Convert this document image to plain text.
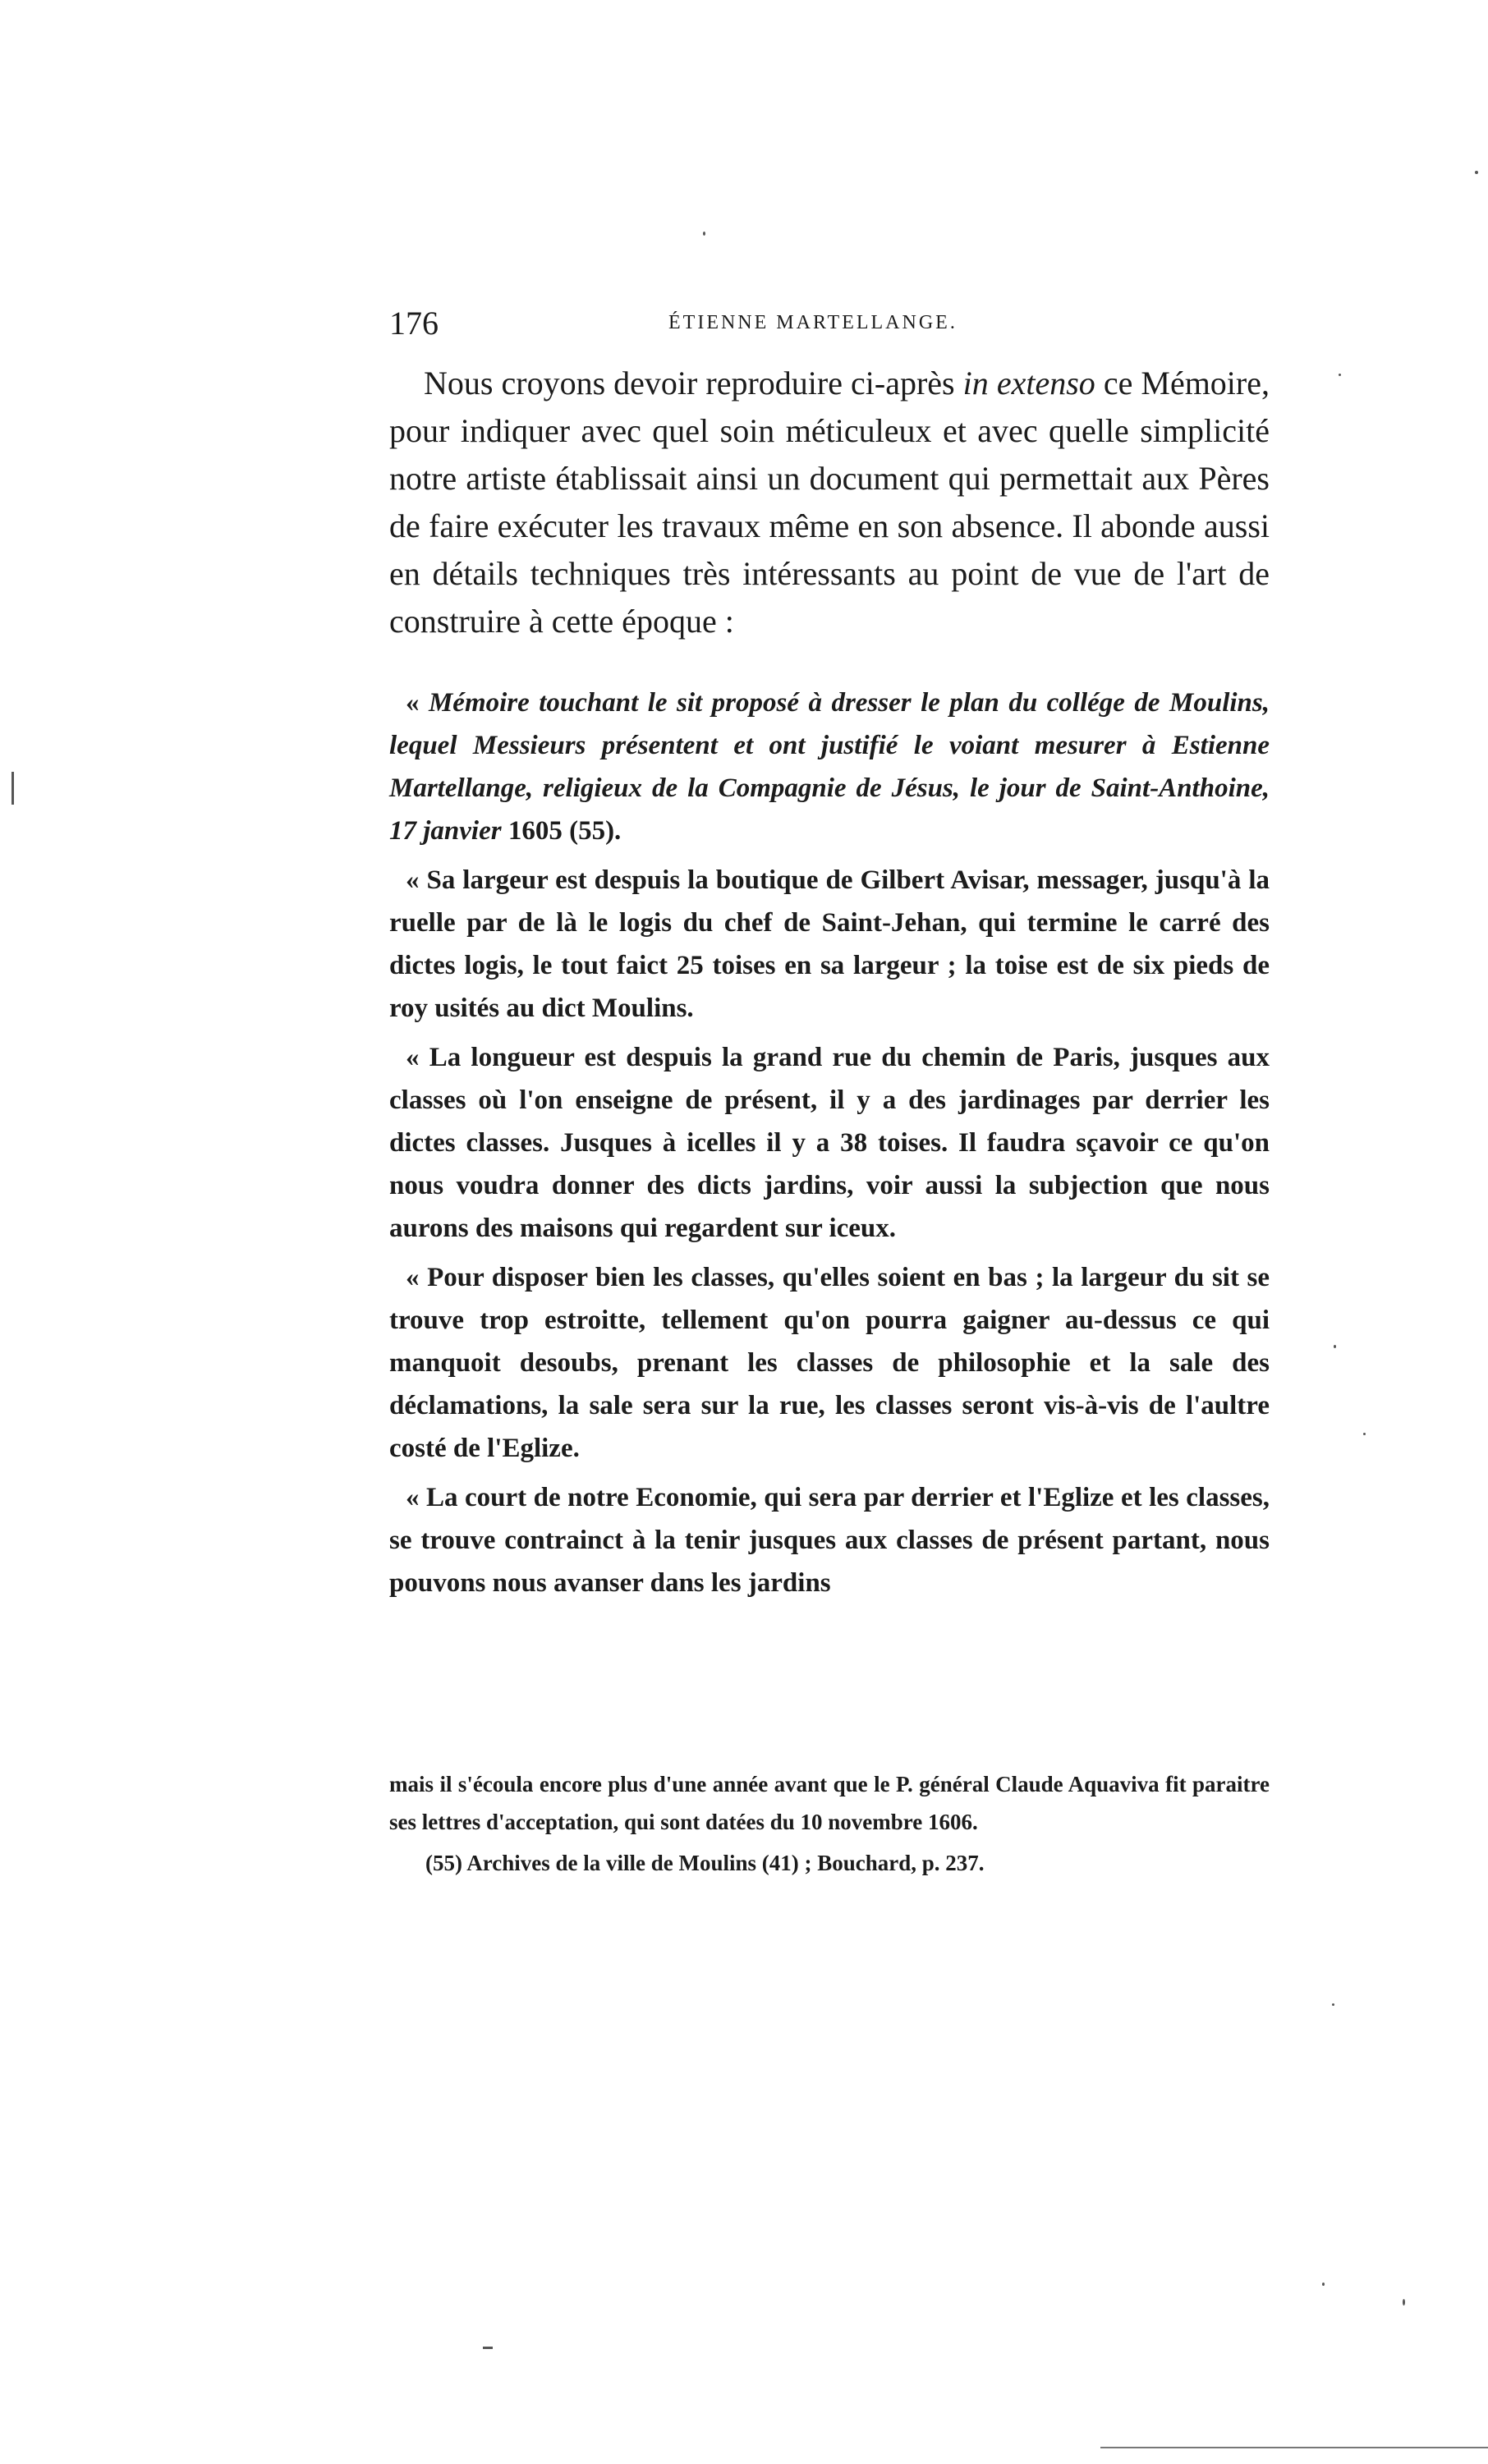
176	ÉTIENNE MARTELLANGE.

Nous croyons devoir reproduire ci-après in extenso ce Mémoire, pour indiquer avec quel soin méticuleux et avec quelle simplicité notre artiste établissait ainsi un document qui permettait aux Pères de faire exécuter les travaux même en son absence. Il abonde aussi en détails techniques très intéressants au point de vue de l'art de construire à cette époque :

« Mémoire touchant le sit proposé à dresser le plan du collége de Moulins, lequel Messieurs présentent et ont justifié le voiant mesurer à Estienne Martellange, religieux de la Compagnie de Jésus, le jour de Saint-Anthoine, 17 janvier 1605 (55).

« Sa largeur est despuis la boutique de Gilbert Avisar, messager, jusqu'à la ruelle par de là le logis du chef de Saint-Jehan, qui termine le carré des dictes logis, le tout faict 25 toises en sa largeur ; la toise est de six pieds de roy usités au dict Moulins.

« La longueur est despuis la grand rue du chemin de Paris, jusques aux classes où l'on enseigne de présent, il y a des jardinages par derrier les dictes classes. Jusques à icelles il y a 38 toises. Il faudra sçavoir ce qu'on nous voudra donner des dicts jardins, voir aussi la subjection que nous aurons des maisons qui regardent sur iceux.

« Pour disposer bien les classes, qu'elles soient en bas ; la largeur du sit se trouve trop estroitte, tellement qu'on pourra gaigner au-dessus ce qui manquoit desoubs, prenant les classes de philosophie et la sale des déclamations, la sale sera sur la rue, les classes seront vis-à-vis de l'aultre costé de l'Eglize.

« La court de notre Economie, qui sera par derrier et l'Eglize et les classes, se trouve contrainct à la tenir jusques aux classes de présent partant, nous pouvons nous avanser dans les jardins

mais il s'écoula encore plus d'une année avant que le P. général Claude Aquaviva fit paraitre ses lettres d'acceptation, qui sont datées du 10 novembre 1606.

(55) Archives de la ville de Moulins (41) ; Bouchard, p. 237.
